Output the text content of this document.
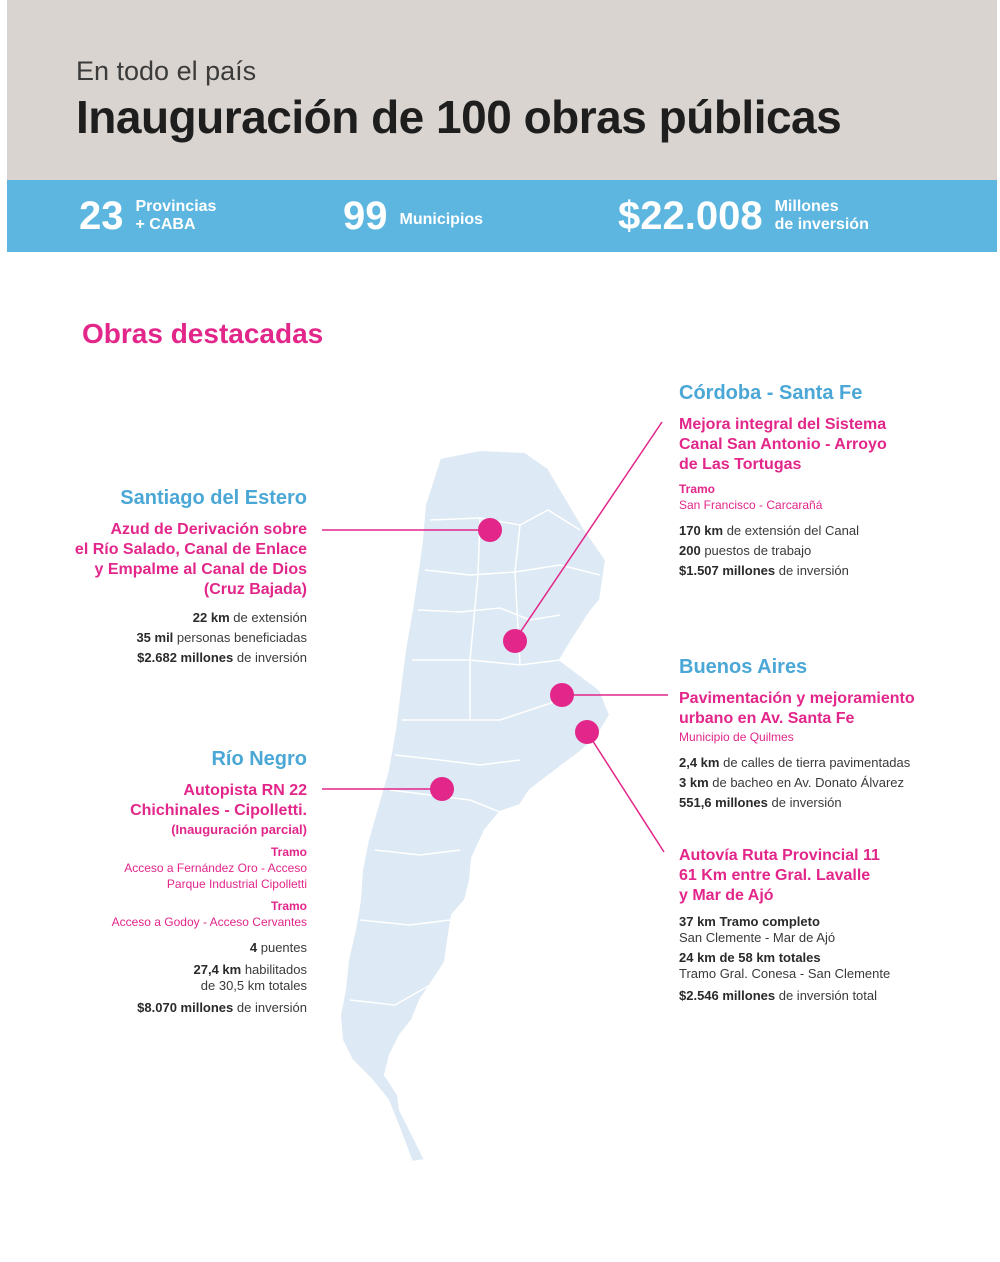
En todo el país
Inauguración de 100 obras públicas
23 Provincias
+ CABA	99 Municipios	$22.008 Millones
de inversión
Obras destacadas
Santiago del Estero
Azud de Derivación sobre
el Río Salado, Canal de Enlace
y Empalme al Canal de Dios
(Cruz Bajada)
22 km de extensión
35 mil personas beneficiadas
$2.682 millones de inversión
Río Negro
Autopista RN 22
Chichinales - Cipolletti.
(Inauguración parcial)
Tramo
Acceso a Fernández Oro - Acceso
Parque Industrial Cipolletti
Tramo
Acceso a Godoy - Acceso Cervantes
4 puentes
27,4 km habilitados
de 30,5 km totales
$8.070 millones de inversión
Córdoba - Santa Fe
Mejora integral del Sistema
Canal San Antonio - Arroyo
de Las Tortugas
Tramo
San Francisco - Carcarañá
170 km de extensión del Canal
200 puestos de trabajo
$1.507 millones de inversión
Buenos Aires
Pavimentación y mejoramiento
urbano en Av. Santa Fe
Municipio de Quilmes
2,4 km de calles de tierra pavimentadas
3 km de bacheo en Av. Donato Álvarez
551,6 millones de inversión
Autovía Ruta Provincial 11
61 Km entre Gral. Lavalle
y Mar de Ajó
37 km Tramo completo
San Clemente - Mar de Ajó
24 km de 58 km totales
Tramo Gral. Conesa - San Clemente
$2.546 millones de inversión total
